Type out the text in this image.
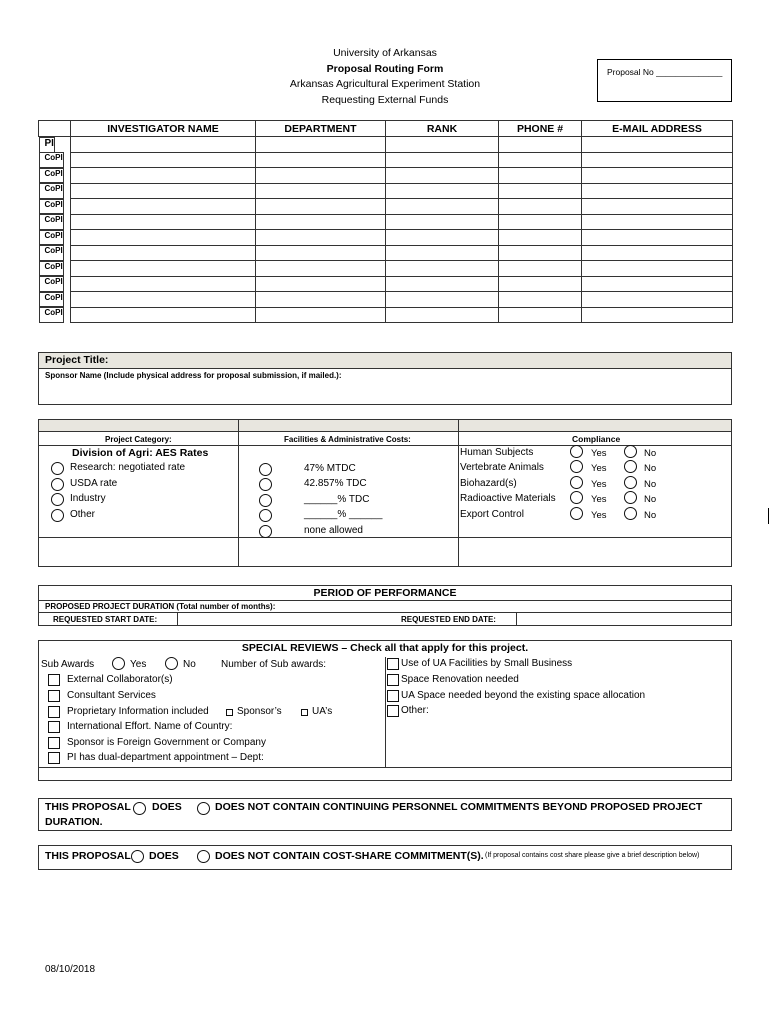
University of Arkansas
Proposal Routing Form
Arkansas Agricultural Experiment Station
Requesting External Funds
Proposal No ______________
	INVESTIGATOR NAME	DEPARTMENT	RANK	PHONE #	E-MAIL ADDRESS

PI

CoPI

CoPI

CoPI

CoPI

CoPI

CoPI

CoPI

CoPI

CoPI

CoPI

CoPI

Project Title:
Sponsor Name (Include physical address for proposal submission, if mailed.):
Project Category:	Facilities & Administrative Costs:	Compliance
Division of Agri: AES Rates
Research: negotiated rate
USDA rate
Industry
Other
47% MTDC
42.857% TDC
______% TDC
______% ______
none allowed
Human Subjects	Yes	No
Vertebrate Animals	Yes	No
Biohazard(s)	Yes	No
Radioactive Materials	Yes	No
Export Control	Yes	No
PERIOD OF PERFORMANCE
PROPOSED PROJECT DURATION (Total number of months):
REQUESTED START DATE:	REQUESTED END DATE:
SPECIAL REVIEWS – Check all that apply for this project.
Sub Awards	Yes	No	Number of Sub awards:
External Collaborator(s)
Consultant Services
Proprietary Information included
International Effort. Name of Country:
Sponsor is Foreign Government or Company
PI has dual-department appointment – Dept:
Sponsor’s	UA’s
Use of UA Facilities by Small Business
Space Renovation needed
UA Space needed beyond the existing space allocation
Other:
THIS PROPOSAL DOES	DOES NOT CONTAIN CONTINUING PERSONNEL COMMITMENTS BEYOND PROPOSED PROJECT
DURATION.
THIS PROPOSAL DOES	DOES NOT CONTAIN COST-SHARE COMMITMENT(S). (If proposal contains cost share please give a brief description below)
08/10/2018
